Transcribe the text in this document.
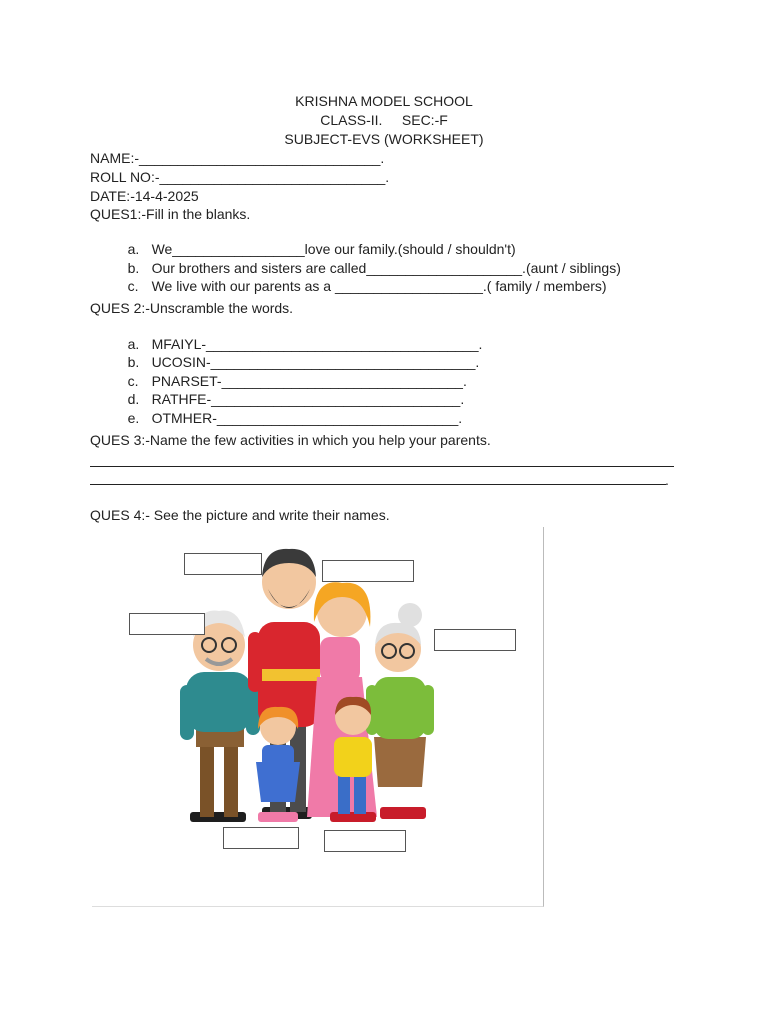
KRISHNA MODEL SCHOOL
CLASS-II.     SEC:-F
SUBJECT-EVS (WORKSHEET)
NAME:-_______________________________.
ROLL NO:-_____________________________.
DATE:-14-4-2025
QUES1:-Fill in the blanks.

a. We_________________love our family.(should / shouldn't)

b. Our brothers and sisters are called____________________.(aunt / siblings)

c. We live with our parents as a ___________________.( family / members)

QUES 2:-Unscramble the words.

a. MFAIYL-___________________________________.

b. UCOSIN-__________________________________.

c. PNARSET-_______________________________.

d. RATHFE-________________________________.

e. OTMHER-_______________________________.

QUES 3:-Name the few activities in which you help your parents.
.
QUES 4:- See the picture and write their names.
